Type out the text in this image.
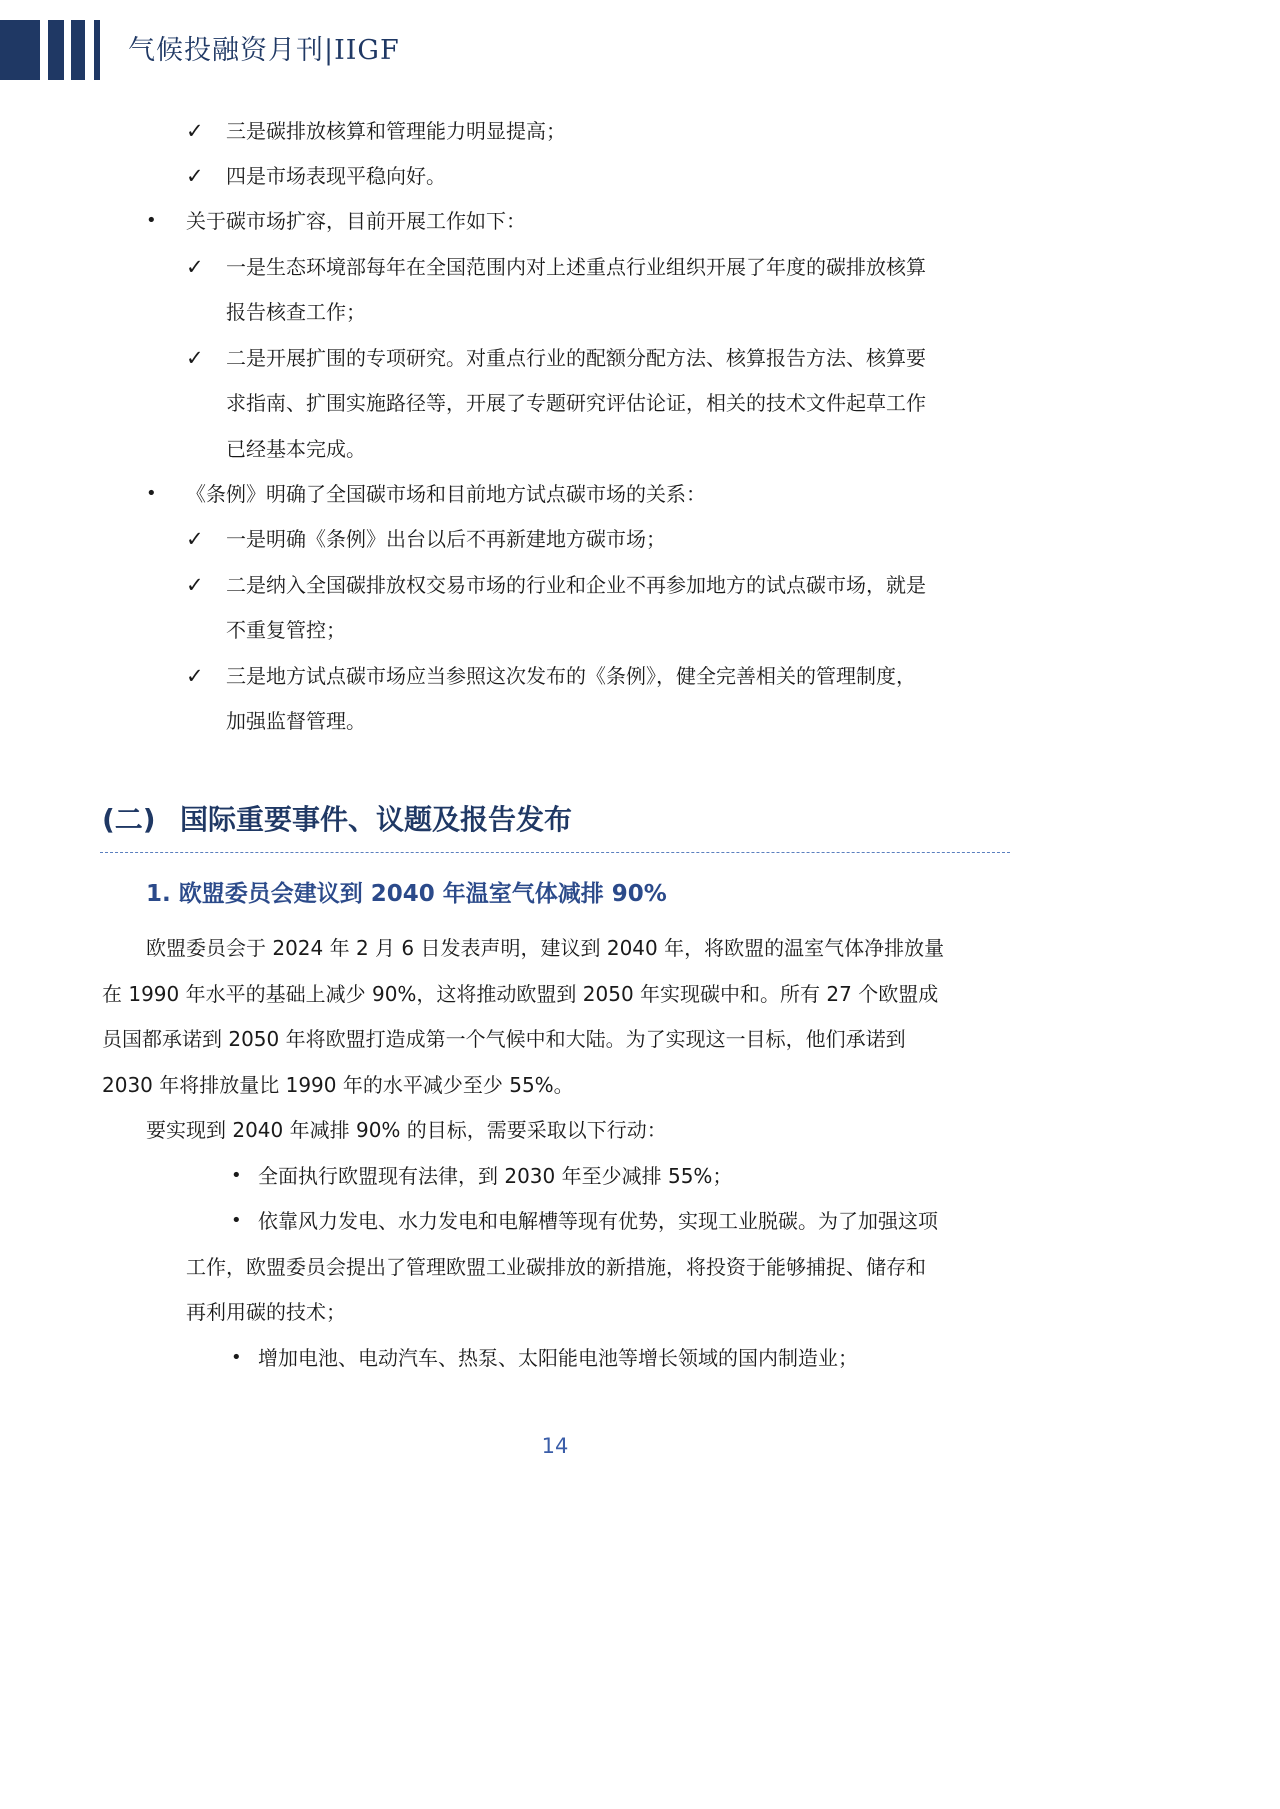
气候投融资月刊|IIGF
✓ 三是碳排放核算和管理能力明显提高；
✓ 四是市场表现平稳向好。
• 关于碳市场扩容，目前开展工作如下：
✓ 一是生态环境部每年在全国范围内对上述重点行业组织开展了年度的碳排放核算
报告核查工作；
✓ 二是开展扩围的专项研究。对重点行业的配额分配方法、核算报告方法、核算要
求指南、扩围实施路径等，开展了专题研究评估论证，相关的技术文件起草工作
已经基本完成。
• 《条例》明确了全国碳市场和目前地方试点碳市场的关系：
✓ 一是明确《条例》出台以后不再新建地方碳市场；
✓ 二是纳入全国碳排放权交易市场的行业和企业不再参加地方的试点碳市场，就是
不重复管控；
✓ 三是地方试点碳市场应当参照这次发布的《条例》，健全完善相关的管理制度，
加强监督管理。
(二) 国际重要事件、议题及报告发布
1. 欧盟委员会建议到 2040 年温室气体减排 90%
欧盟委员会于 2024 年 2 月 6 日发表声明，建议到 2040 年，将欧盟的温室气体净排放量
在 1990 年水平的基础上减少 90%，这将推动欧盟到 2050 年实现碳中和。所有 27 个欧盟成
员国都承诺到 2050 年将欧盟打造成第一个气候中和大陆。为了实现这一目标，他们承诺到
2030 年将排放量比 1990 年的水平减少至少 55%。
要实现到 2040 年减排 90% 的目标，需要采取以下行动：
• 全面执行欧盟现有法律，到 2030 年至少减排 55%；
• 依靠风力发电、水力发电和电解槽等现有优势，实现工业脱碳。为了加强这项
工作，欧盟委员会提出了管理欧盟工业碳排放的新措施，将投资于能够捕捉、储存和
再利用碳的技术；
• 增加电池、电动汽车、热泵、太阳能电池等增长领域的国内制造业；
14
